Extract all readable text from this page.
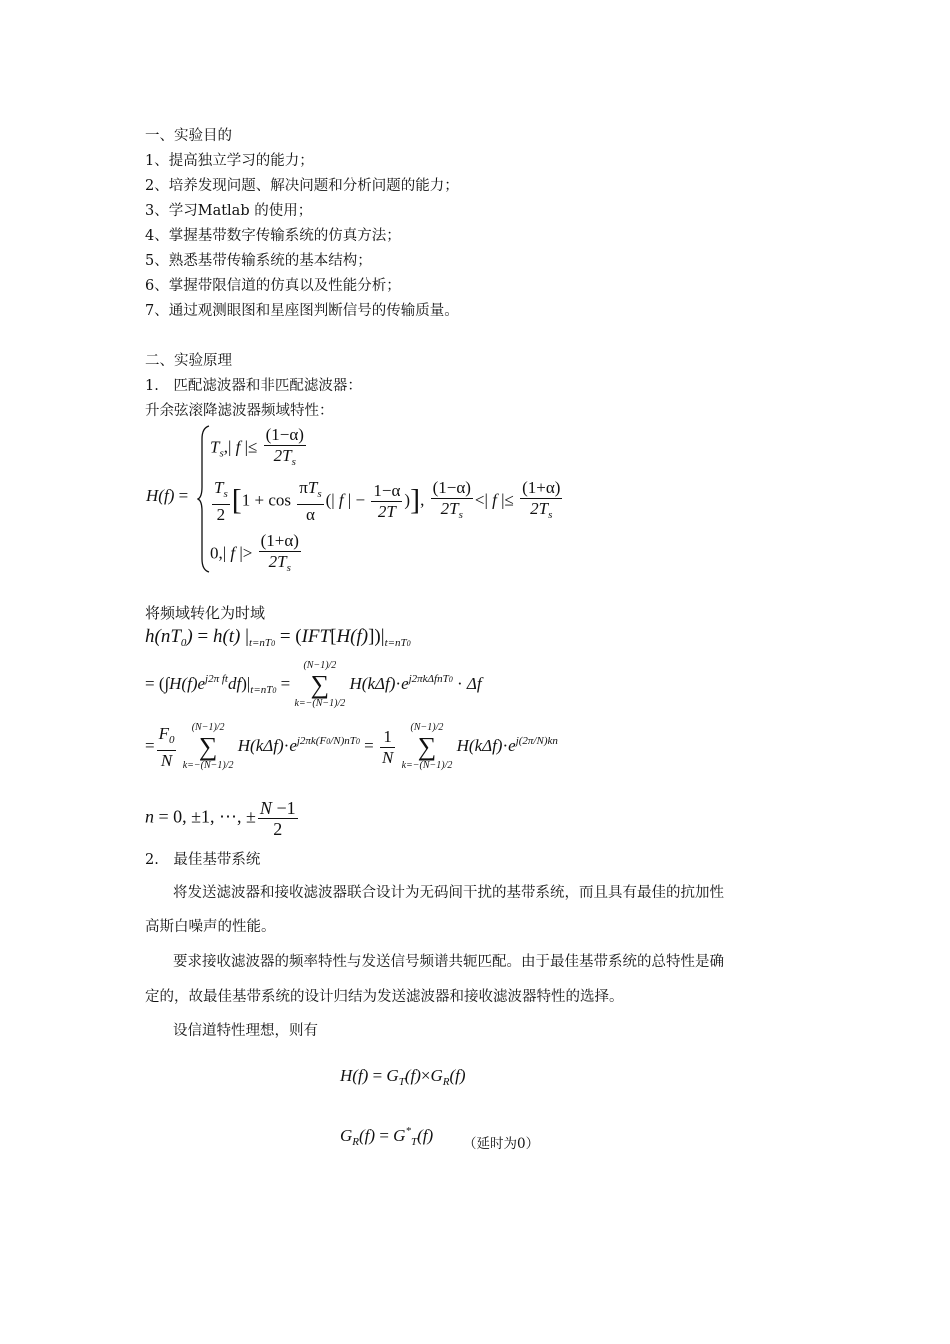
一、实验目的
1、提高独立学习的能力；
2、培养发现问题、解决问题和分析问题的能力；
3、学习Matlab 的使用；
4、掌握基带数字传输系统的仿真方法；
5、熟悉基带传输系统的基本结构；
6、掌握带限信道的仿真以及性能分析；
7、通过观测眼图和星座图判断信号的传输质量。
二、实验原理
1.　匹配滤波器和非匹配滤波器：
升余弦滚降滤波器频域特性：
H(f) =
$T_s,|$ f |≤ $\frac{(1-\alpha)}{2T_s}$
$\frac{T_s}{2} [1 + \cos \frac{\pi T_s}{\alpha}$ (| f | − $\frac{1-\alpha}{2T}$ )], $\frac{(1-\alpha)}{2T_s}$ <| f |≤ $\frac{(1+\alpha)}{2T_s}$
0,| f |> $\frac{(1+\alpha)}{2T_s}$
将频域转化为时域
$h(nT_0) = h(t) |_{t=nT0} = (IFT[H(f)])|_{t=nT0}$
= $(\int H(f)e^{j2\pi ft}df)|_{t=nT0}$ =
(N−1)/2
∑
k=−(N−1)/2
$H(k\Delta f)\cdot e^{j2\pi k\Delta fnT0} \cdot \Delta f$
= $\frac{F_0}{N}$
	(N−1)/2
∑
k=−(N−1)/2
$H(k\Delta f)\cdot e^{j2\pi k(F0/N)nT0} = \frac{1}{N}$
	(N−1)/2
∑
k=−(N−1)/2
$H(k\Delta f)\cdot e^{j(2\pi/N)kn}$
n = 0, ±1, ⋯, ± $\frac{N -1}{2}$
2.　最佳基带系统
将发送滤波器和接收滤波器联合设计为无码间干扰的基带系统，而且具有最佳的抗加性
高斯白噪声的性能。
要求接收滤波器的频率特性与发送信号频谱共轭匹配。由于最佳基带系统的总特性是确
定的，故最佳基带系统的设计归结为发送滤波器和接收滤波器特性的选择。
设信道特性理想，则有
$H(f) = G_T(f)\times G_R(f)$
$G_R(f) = G^*_T(f)$ （延时为0）
